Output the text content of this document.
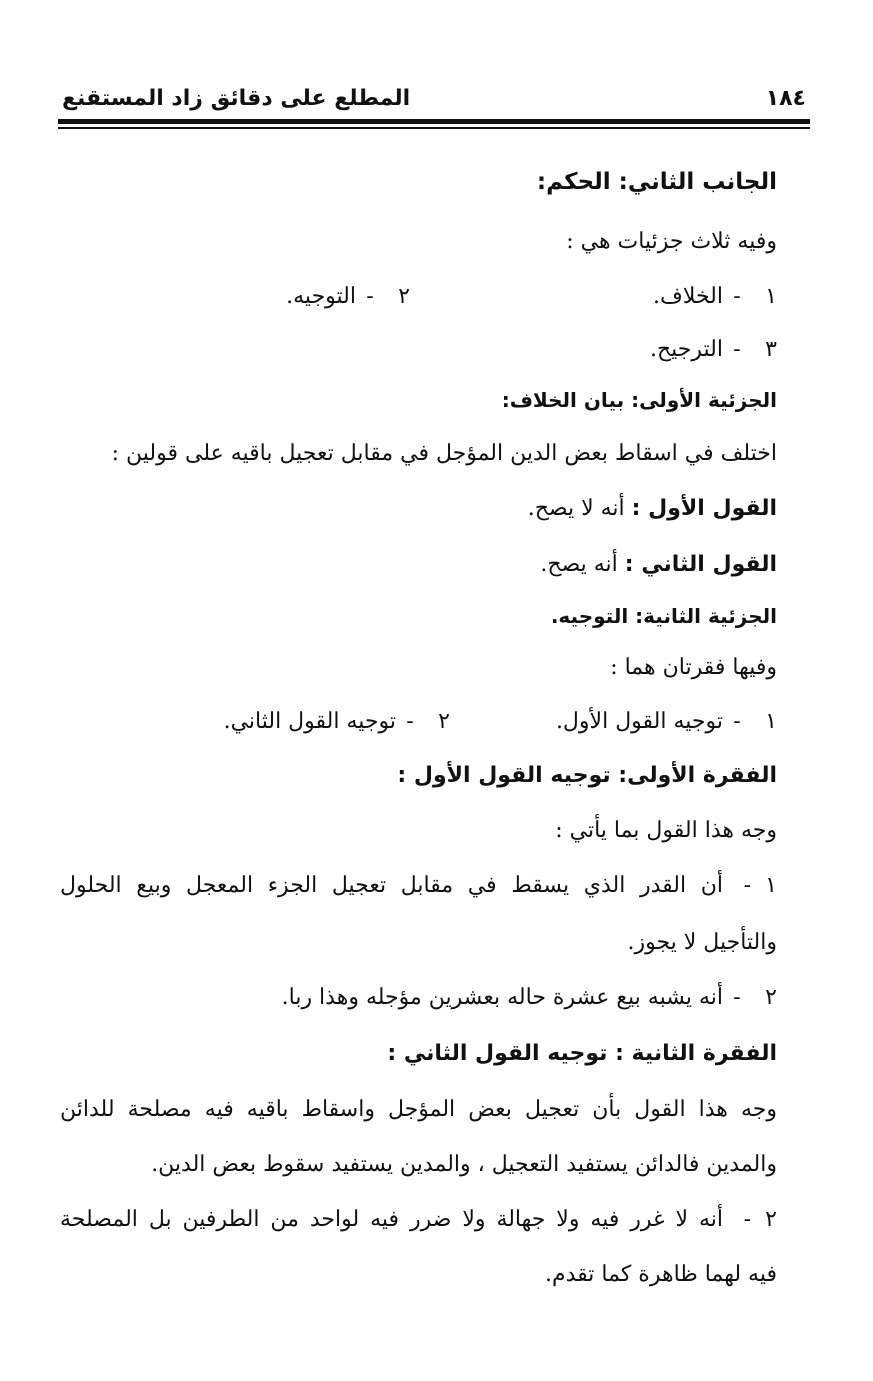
١٨٤
المطلع على دقائق زاد المستقنع
الجانب الثاني: الحكم:
وفيه ثلاث جزئيات هي :
١-الخلاف.
٢-التوجيه.
٣-الترجيح.
الجزئية الأولى: بيان الخلاف:
اختلف في اسقاط بعض الدين المؤجل في مقابل تعجيل باقيه على قولين :
القول الأول : أنه لا يصح.
القول الثاني : أنه يصح.
الجزئية الثانية: التوجيه.
وفيها فقرتان هما :
١-توجيه القول الأول.
٢-توجيه القول الثاني.
الفقرة الأولى: توجيه القول الأول :
وجه هذا القول بما يأتي :
١-أن القدر الذي يسقط في مقابل تعجيل الجزء المعجل وبيع الحلول
والتأجيل لا يجوز.
٢-أنه يشبه بيع عشرة حاله بعشرين مؤجله وهذا ربا.
الفقرة الثانية : توجيه القول الثاني :
وجه هذا القول بأن تعجيل بعض المؤجل واسقاط باقيه فيه مصلحة للدائن
والمدين فالدائن يستفيد التعجيل ، والمدين يستفيد سقوط بعض الدين.
٢-أنه لا غرر فيه ولا جهالة ولا ضرر فيه لواحد من الطرفين بل المصلحة
فيه لهما ظاهرة كما تقدم.
